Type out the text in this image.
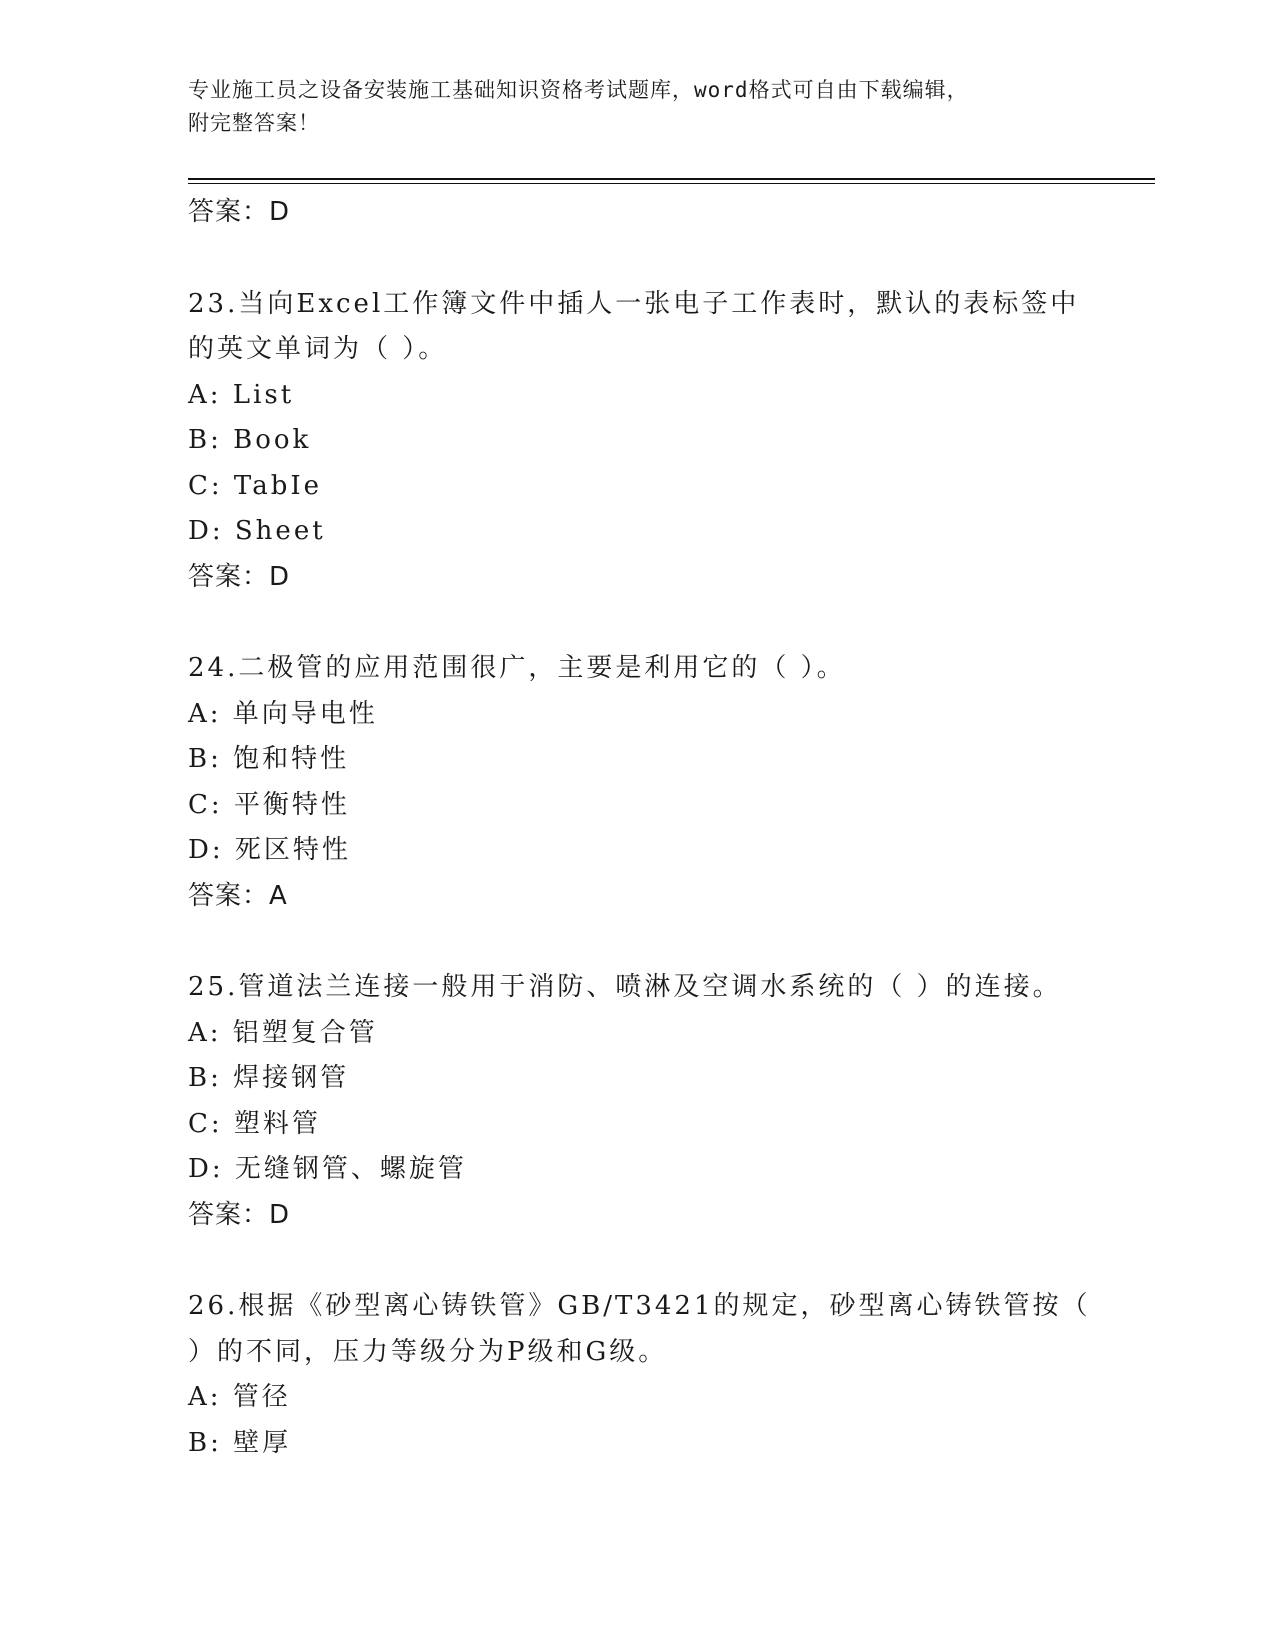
专业施工员之设备安装施工基础知识资格考试题库，word格式可自由下载编辑，
附完整答案！
答案：D
23.当向Excel工作簿文件中插人一张电子工作表时，默认的表标签中
的英文单词为（ ）。
A: List
B: Book
C: TabIe
D: Sheet
答案：D
24.二极管的应用范围很广，主要是利用它的（ ）。
A: 单向导电性
B: 饱和特性
C: 平衡特性
D: 死区特性
答案：A
25.管道法兰连接一般用于消防、喷淋及空调水系统的（ ）的连接。
A: 铝塑复合管
B: 焊接钢管
C: 塑料管
D: 无缝钢管、螺旋管
答案：D
26.根据《砂型离心铸铁管》GB/T3421的规定，砂型离心铸铁管按（
）的不同，压力等级分为P级和G级。
A: 管径
B: 壁厚
